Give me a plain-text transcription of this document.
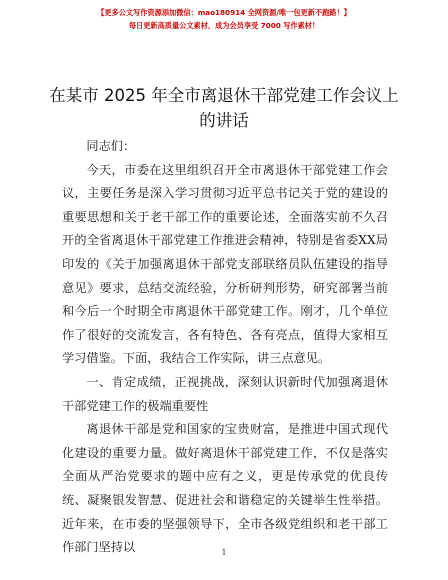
【更多公文写作资源添加微信：mao180914 全网资源/唯一包更新不跑路！】
每日更新高质量公文素材，成为会员享受 7000 写作素材！
在某市 2025 年全市离退休干部党建工作会议上的讲话

同志们：

今天，市委在这里组织召开全市离退休干部党建工作会议，主要任务是深入学习贯彻习近平总书记关于党的建设的重要思想和关于老干部工作的重要论述，全面落实前不久召开的全省离退休干部党建工作推进会精神，特别是省委XX局印发的《关于加强离退休干部党支部联络员队伍建设的指导意见》要求，总结交流经验，分析研判形势，研究部署当前和今后一个时期全市离退休干部党建工作。刚才，几个单位作了很好的交流发言，各有特色、各有亮点，值得大家相互学习借鉴。下面，我结合工作实际，讲三点意见。

一、肯定成绩，正视挑战，深刻认识新时代加强离退休干部党建工作的极端重要性

离退休干部是党和国家的宝贵财富，是推进中国式现代化建设的重要力量。做好离退休干部党建工作，不仅是落实全面从严治党要求的题中应有之义，更是传承党的优良传统、凝聚银发智慧、促进社会和谐稳定的关键举生性举措。近年来，在市委的坚强领导下，全市各级党组织和老干部工作部门坚持以	1
